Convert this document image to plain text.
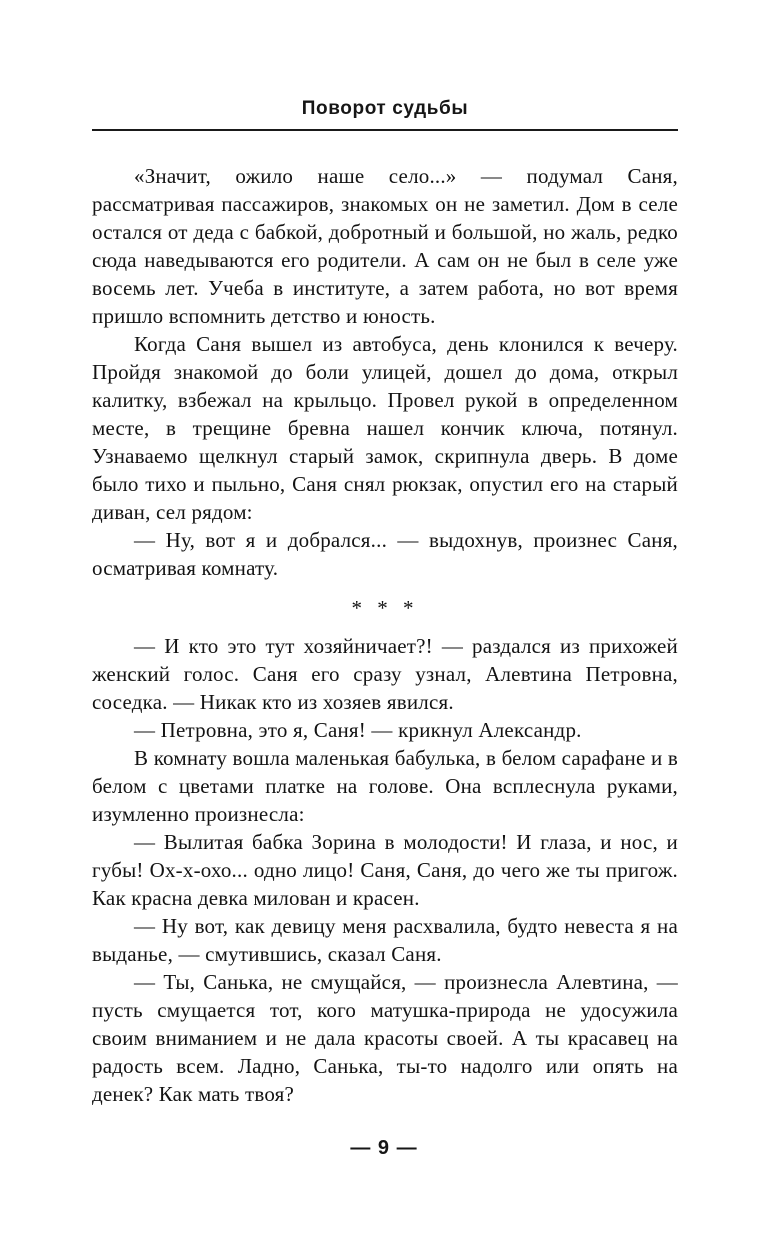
Поворот судьбы

«Значит, ожило наше село...» — подумал Саня, рассматривая пассажиров, знакомых он не заметил. Дом в селе остался от деда с бабкой, добротный и большой, но жаль, редко сюда наведываются его родители. А сам он не был в селе уже восемь лет. Учеба в институте, а затем работа, но вот время пришло вспомнить детство и юность.

Когда Саня вышел из автобуса, день клонился к вечеру. Пройдя знакомой до боли улицей, дошел до дома, открыл калитку, взбежал на крыльцо. Провел рукой в определенном месте, в трещине бревна нашел кончик ключа, потянул. Узнаваемо щелкнул старый замок, скрипнула дверь. В доме было тихо и пыльно, Саня снял рюкзак, опустил его на старый диван, сел рядом:

— Ну, вот я и добрался... — выдохнув, произнес Саня, осматривая комнату.

* * *

— И кто это тут хозяйничает?! — раздался из прихожей женский голос. Саня его сразу узнал, Алевтина Петровна, соседка. — Никак кто из хозяев явился.

— Петровна, это я, Саня! — крикнул Александр.

В комнату вошла маленькая бабулька, в белом сарафане и в белом с цветами платке на голове. Она всплеснула руками, изумленно произнесла:

— Вылитая бабка Зорина в молодости! И глаза, и нос, и губы! Ох-х-охо... одно лицо! Саня, Саня, до чего же ты пригож. Как красна девка милован и красен.

— Ну вот, как девицу меня расхвалила, будто невеста я на выданье, — смутившись, сказал Саня.

— Ты, Санька, не смущайся, — произнесла Алевтина, — пусть смущается тот, кого матушка-природа не удосужила своим вниманием и не дала красоты своей. А ты красавец на радость всем. Ладно, Санька, ты-то надолго или опять на денек? Как мать твоя?

— 9 —
